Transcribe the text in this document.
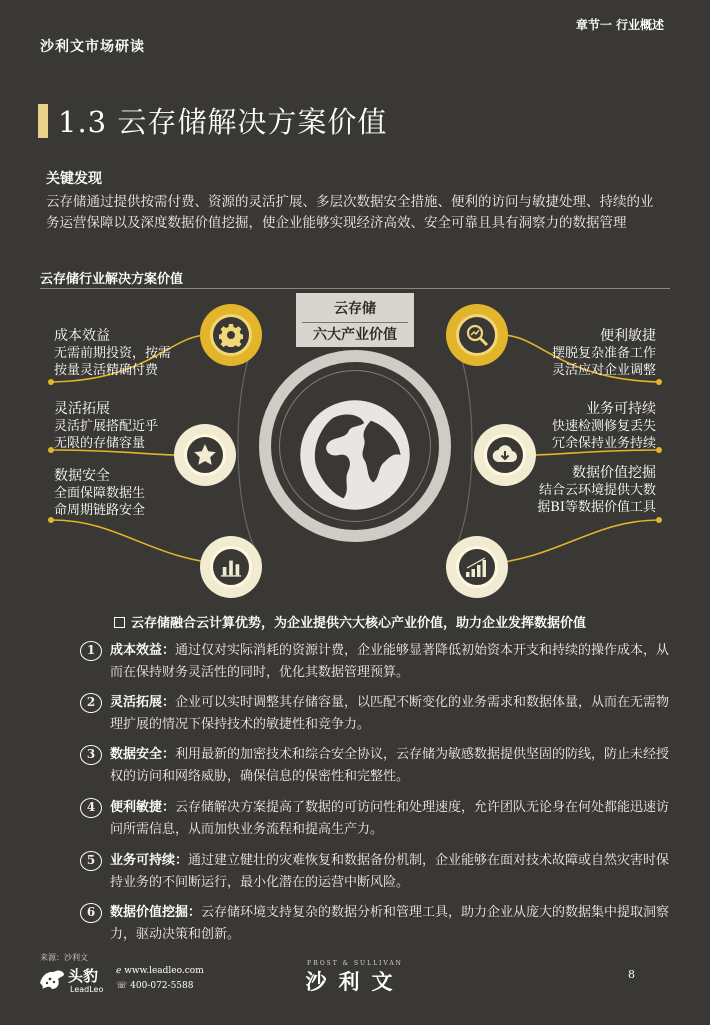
沙利文市场研读
章节一 行业概述
1.3 云存储解决方案价值
关键发现
云存储通过提供按需付费、资源的灵活扩展、多层次数据安全措施、便利的访问与敏捷处理、持续的业务运营保障以及深度数据价值挖掘，使企业能够实现经济高效、安全可靠且具有洞察力的数据管理
云存储行业解决方案价值
云存储
六大产业价值
成本效益
无需前期投资，按需
按量灵活精确付费
灵活拓展
灵活扩展搭配近乎
无限的存储容量
数据安全
全面保障数据生
命周期链路安全
便利敏捷
摆脱复杂准备工作
灵活应对企业调整
业务可持续
快速检测修复丢失
冗余保持业务持续
数据价值挖掘
结合云环境提供大数
据BI等数据价值工具
云存储融合云计算优势，为企业提供六大核心产业价值，助力企业发挥数据价值
1	成本效益：通过仅对实际消耗的资源计费，企业能够显著降低初始资本开支和持续的操作成本，从而在保持财务灵活性的同时，优化其数据管理预算。
2	灵活拓展：企业可以实时调整其存储容量，以匹配不断变化的业务需求和数据体量，从而在无需物理扩展的情况下保持技术的敏捷性和竞争力。
3	数据安全：利用最新的加密技术和综合安全协议，云存储为敏感数据提供坚固的防线，防止未经授权的访问和网络威胁，确保信息的保密性和完整性。
4	便利敏捷：云存储解决方案提高了数据的可访问性和处理速度，允许团队无论身在何处都能迅速访问所需信息，从而加快业务流程和提高生产力。
5	业务可持续：通过建立健壮的灾难恢复和数据备份机制，企业能够在面对技术故障或自然灾害时保持业务的不间断运行，最小化潜在的运营中断风险。
6	数据价值挖掘：云存储环境支持复杂的数据分析和管理工具，助力企业从庞大的数据集中提取洞察力，驱动决策和创新。
来源：沙利文
头豹
LeadLeo
ℯ www.leadleo.com
☏ 400-072-5588
FROST & SULLIVAN
沙利文	8
